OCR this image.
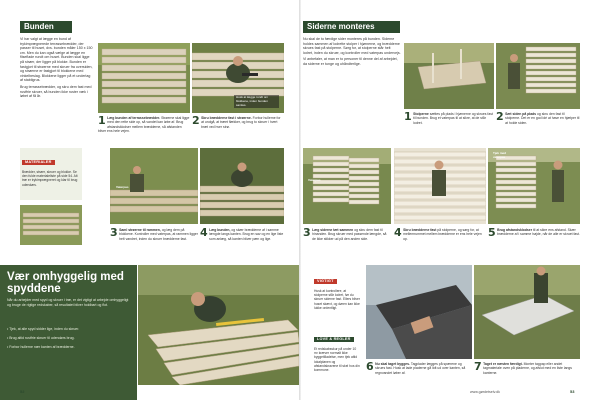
Bunden

Vi har valgt at lægge en bund af trykimprægnerede terrassebrædder, der passer til huset, dvs. bunden måler 150 x 150 cm. Men du kan også vælge at lægge en fliseflade rundt om huset. Bunden skal ligge på strøer, der ligger på blokke. Bunden er fastgjort til strøerne med skruer fra oversiden, og strøerne er fastgjort til blokkene med vinkelbeslag. Blokkene ligger på et underlag af stabilgrus.

Brug terrassebrædder, og skru dem fast med rustfrie skruer, så bunden ikke ruster væk i løbet af få år.	Husk at lægge rundt om blokkene, inden bunden samles.
1 Læg bunden af terrassebrædder. Strøerne skal ligge med den rette side op, så vandet kan løbe af. Brug afstandsklodser mellem brædderne, så afstanden bliver ens hele vejen.
2 Skru brædderne fast i strøerne. Forbor hullerne for at undgå, at træet flækker, og brug to skruer i hvert bræt ved hver strø.
MATERIALER
Brædder, strøer, skruer og blokke. Se den fulde materialeliste på side 54. Alt træ er trykimprægneret og klar til brug udendørs.
Vaterpas
3 Saml strøerne til rammen, og læg dem på blokkene. Kontroller med vaterpas, at rammen ligger helt vandret, inden du skruer brædderne fast.	4 Læg bunden, og skær brædderne af i samme længde langs kanten. Brug en sav og en lige liste som anlæg, så kanten bliver pæn og lige.
Vær omhyggelig med spyddene
Når du arbejder med spyd og skruer i træ, er det vigtigt at arbejde omhyggeligt og bruge de rigtige redskaber, så resultatet bliver holdbart og flot.
• Tjek, at alle spyd sidder lige, inden du skruer.
• Brug altid rustfrie skruer til udendørs brug.
• Forbor hullerne nær kanten af brædderne.
52
Siderne monteres

Nu skal de to færdige sider monteres på bunden. Siderne holdes sammen af lodrette stolper i hjørnerne, og brædderne skrues fast på stolperne. Sørg for, at stolperne står helt lodret, inden du skruer, og kontroller med vaterpas undervejs.

Vi anbefaler, at man er to personer til denne del af arbejdet, da siderne er tunge og uhåndterlige.

1 Stolperne sættes på plads i hjørnerne og skrues fast til bunden. Brug et vaterpas til at sikre, at de står lodret.	2 Sæt siden på plads og skru den fast til stolperne. Det er en god idé at have en hjælper til at holde siden.
Vaterpas
Tjek med vaterpas
3 Læg siderne tæt sammen og skru dem fast til hinanden. Brug skruer med passende længde, så de ikke stikker ud på den anden side.	4 Skru brædderne fast på stolperne, og sørg for, at mellemrummet mellem brædderne er ens hele vejen op.	5 Brug afstandsklodser til at sikre ens afstand. Skær brædderne af i samme højde, når de alle er skruet fast.
VIGTIGT
Husk at kontrollere, at stolperne står lodret, før du skruer siderne fast. Ellers bliver huset skævt, og døren kan ikke lukke ordentligt.
LOVE & REGLER
Et redskabsskur på under 10 m² kræver normalt ikke byggetilladelse, men tjek altid lokalplanen og afstandskravene til skel hos din kommune.	6 Nu skal taget bygges. Tagplader lægges på spærene og skrues fast. Husk at lade pladerne gå lidt ud over kanten, så regnvandet løber af.	7 Taget er næsten færdigt. Monter tagpap eller andet tagmateriale oven på pladerne, og afslut med en liste langs kanterne.
www.gørdetselv.dk	53
